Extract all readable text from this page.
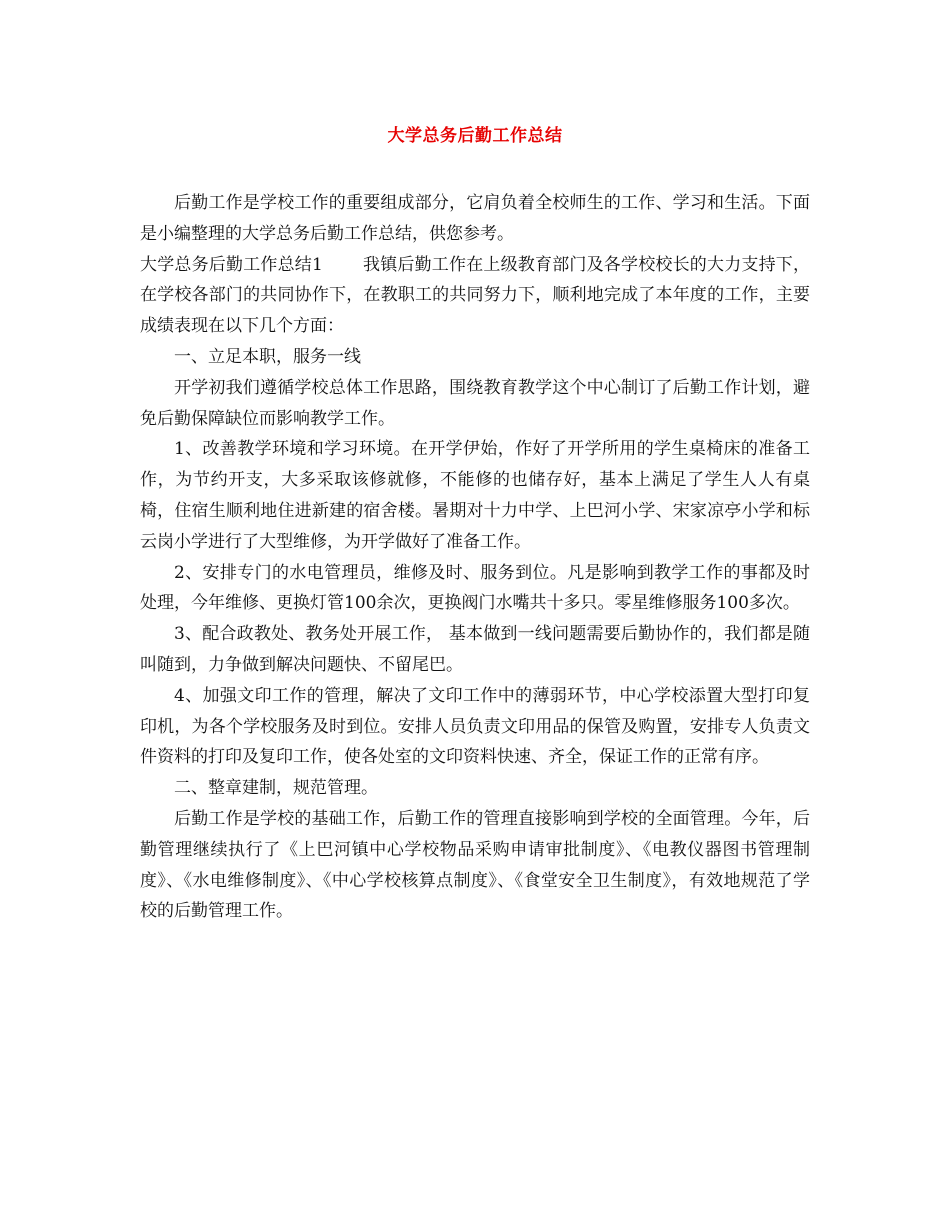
大学总务后勤工作总结

后勤工作是学校工作的重要组成部分，它肩负着全校师生的工作、学习和生活。下面是小编整理的大学总务后勤工作总结，供您参考。

大学总务后勤工作总结1 我镇后勤工作在上级教育部门及各学校校长的大力支持下，在学校各部门的共同协作下，在教职工的共同努力下，顺利地完成了本年度的工作，主要成绩表现在以下几个方面：

一、立足本职，服务一线

开学初我们遵循学校总体工作思路，围绕教育教学这个中心制订了后勤工作计划，避免后勤保障缺位而影响教学工作。

1、改善教学环境和学习环境。在开学伊始，作好了开学所用的学生桌椅床的准备工作，为节约开支，大多采取该修就修，不能修的也储存好，基本上满足了学生人人有桌椅，住宿生顺利地住进新建的宿舍楼。暑期对十力中学、上巴河小学、宋家凉亭小学和标云岗小学进行了大型维修，为开学做好了准备工作。

2、安排专门的水电管理员，维修及时、服务到位。凡是影响到教学工作的事都及时处理，今年维修、更换灯管100余次，更换阀门水嘴共十多只。零星维修服务100多次。

3、配合政教处、教务处开展工作， 基本做到一线问题需要后勤协作的，我们都是随叫随到，力争做到解决问题快、不留尾巴。

4、加强文印工作的管理，解决了文印工作中的薄弱环节，中心学校添置大型打印复印机，为各个学校服务及时到位。安排人员负责文印用品的保管及购置，安排专人负责文件资料的打印及复印工作，使各处室的文印资料快速、齐全，保证工作的正常有序。

二、整章建制，规范管理。

后勤工作是学校的基础工作，后勤工作的管理直接影响到学校的全面管理。今年，后勤管理继续执行了《上巴河镇中心学校物品采购申请审批制度》、《电教仪器图书管理制度》、《水电维修制度》、《中心学校核算点制度》、《食堂安全卫生制度》，有效地规范了学校的后勤管理工作。
